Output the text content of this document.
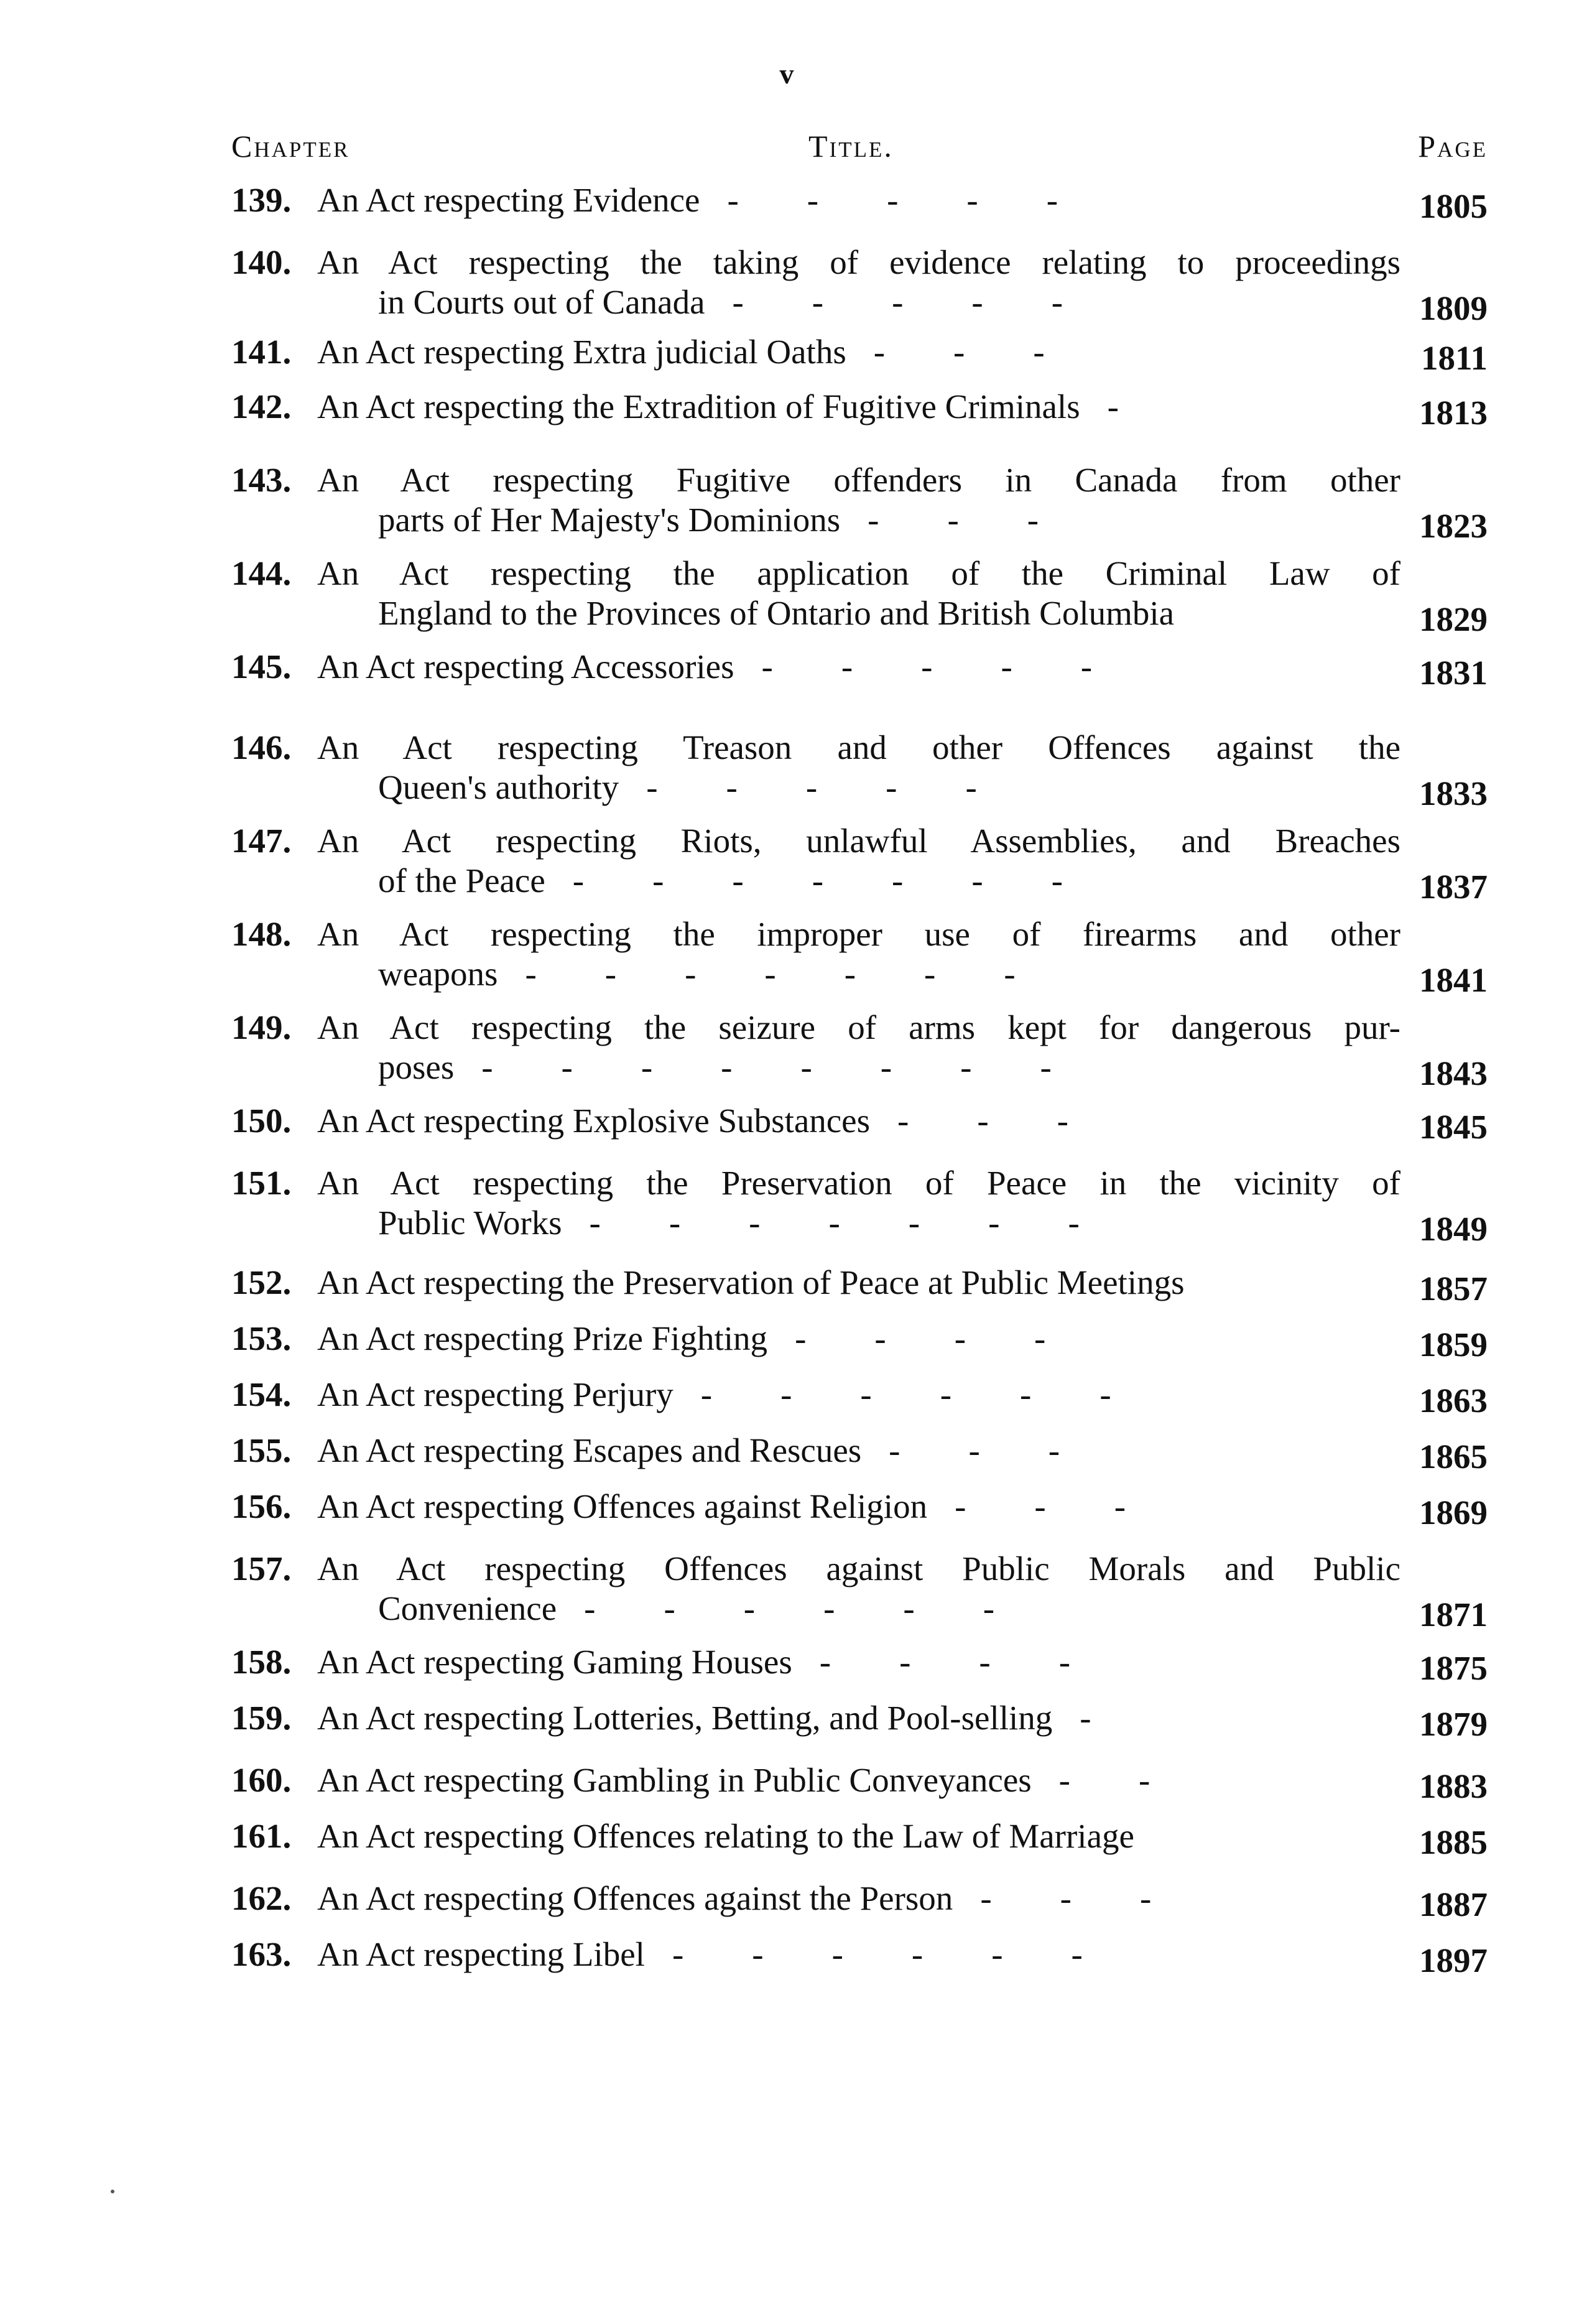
v
Chapter	Title.	Page
139. An Act respecting Evidence -  -  -  -  -	1805
140. An Act respecting the taking of evidence relating to proceedings
in Courts out of Canada -  -  -  -  -	1809
141. An Act respecting Extra judicial Oaths -  -  -	1811
142. An Act respecting the Extradition of Fugitive Criminals -	1813
143. An Act respecting Fugitive offenders in Canada from other
parts of Her Majesty's Dominions -  -  -	1823
144. An Act respecting the application of the Criminal Law of
England to the Provinces of Ontario and British Columbia	1829
145. An Act respecting Accessories -  -  -  -  -	1831
146. An Act respecting Treason and other Offences against the
Queen's authority -  -  -  -  -	1833
147. An Act respecting Riots, unlawful Assemblies, and Breaches
of the Peace -  -  -  -  -  -  -	1837
148. An Act respecting the improper use of firearms and other
weapons -  -  -  -  -  -  -	1841
149. An Act respecting the seizure of arms kept for dangerous pur-
poses -  -  -  -  -  -  -  -	1843
150. An Act respecting Explosive Substances -  -  -	1845
151. An Act respecting the Preservation of Peace in the vicinity of
Public Works -  -  -  -  -  -  -	1849
152. An Act respecting the Preservation of Peace at Public Meetings	1857
153. An Act respecting Prize Fighting -  -  -  -	1859
154. An Act respecting Perjury -  -  -  -  -  -	1863
155. An Act respecting Escapes and Rescues -  -  -	1865
156. An Act respecting Offences against Religion -  -  -	1869
157. An Act respecting Offences against Public Morals and Public
Convenience -  -  -  -  -  -	1871
158. An Act respecting Gaming Houses -  -  -  -	1875
159. An Act respecting Lotteries, Betting, and Pool-selling -	1879
160. An Act respecting Gambling in Public Conveyances -  -	1883
161. An Act respecting Offences relating to the Law of Marriage	1885
162. An Act respecting Offences against the Person -  -  -	1887
163. An Act respecting Libel -  -  -  -  -  -	1897
